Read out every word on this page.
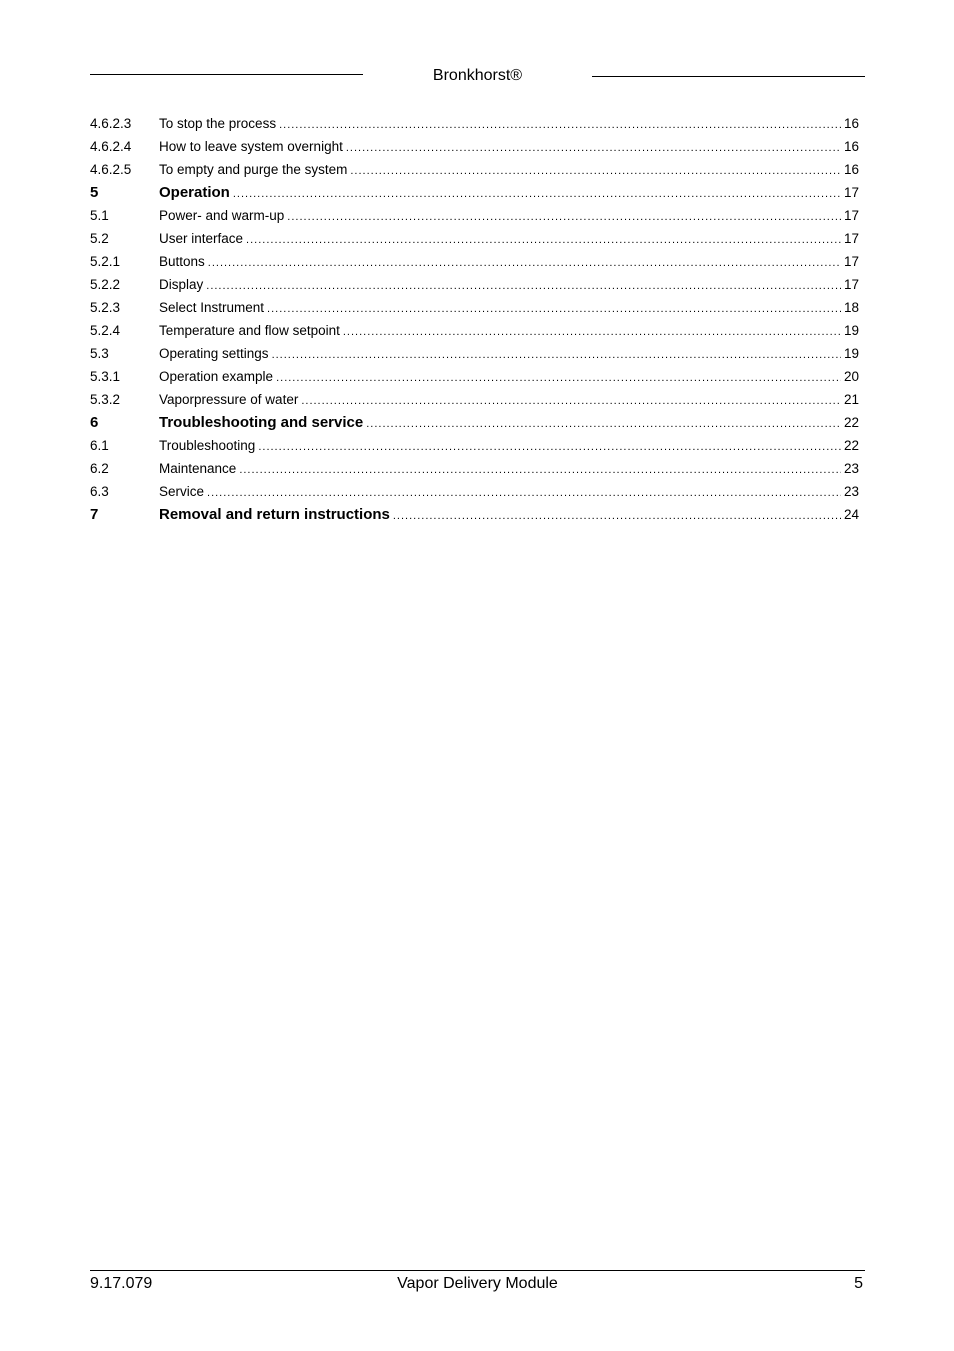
Bronkhorst®
4.6.2.3	To stop the process .....	16
4.6.2.4	How to leave system overnight .....	16
4.6.2.5	To empty and purge the system .....	16
5	Operation .....	17
5.1	Power- and warm-up .....	17
5.2	User interface .....	17
5.2.1	Buttons .....	17
5.2.2	Display .....	17
5.2.3	Select Instrument .....	18
5.2.4	Temperature and flow setpoint .....	19
5.3	Operating settings .....	19
5.3.1	Operation example .....	20
5.3.2	Vaporpressure of water .....	21
6	Troubleshooting and service .....	22
6.1	Troubleshooting .....	22
6.2	Maintenance .....	23
6.3	Service .....	23
7	Removal and return instructions .....	24
9.17.079	Vapor Delivery Module	5
